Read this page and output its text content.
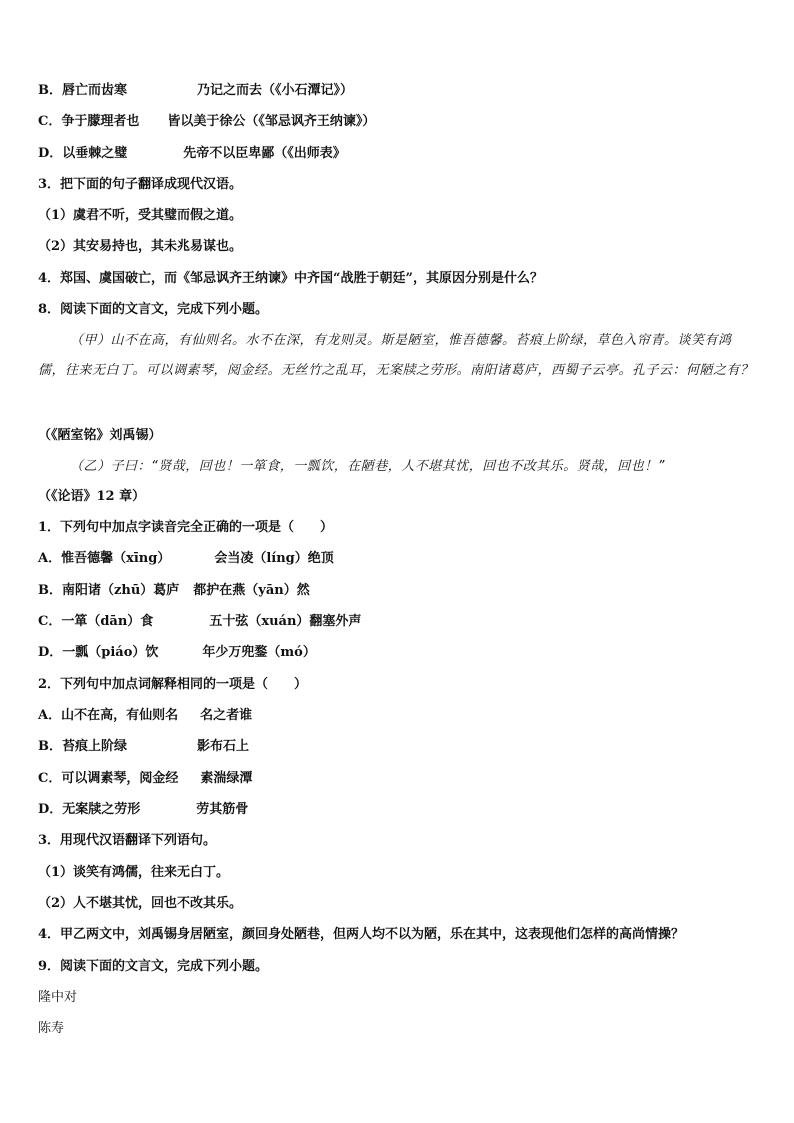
B．唇亡而齿寒	乃记之而去（《小石潭记》）
C．争于朦理者也 皆以美于徐公（《邹忌讽齐王纳谏》）
D．以垂棘之璧	先帝不以臣卑鄙（《出师表》
3．把下面的句子翻译成现代汉语。
（1）虞君不听，受其璧而假之道。
（2）其安易持也，其未兆易谋也。
4．郑国、虞国破亡，而《邹忌讽齐王纳谏》中齐国“战胜于朝廷”，其原因分别是什么？
8．阅读下面的文言文，完成下列小题。
（甲）山不在高，有仙则名。水不在深，有龙则灵。斯是陋室，惟吾德馨。苔痕上阶绿，草色入帘青。谈笑有鸿儒，往来无白丁。可以调素琴，阅金经。无丝竹之乱耳，无案牍之劳形。南阳诸葛庐，西蜀子云亭。孔子云：何陋之有？
（《陋室铭》刘禹锡）
（乙）子曰：“贤哉，回也！一箪食，一瓢饮，在陋巷，人不堪其忧，回也不改其乐。贤哉，回也！”
（《论语》12 章）
1．下列句中加点字读音完全正确的一项是（　　）
A．惟吾德馨（xīng）	会当凌（líng）绝顶
B．南阳诸（zhū）葛庐 都护在燕（yān）然
C．一箪（dān）食	五十弦（xuán）翻塞外声
D．一瓢（piáo）饮	年少万兜鍪（mó）
2．下列句中加点词解释相同的一项是（　　）
A．山不在高，有仙则名 名之者谁
B．苔痕上阶绿	影布石上
C．可以调素琴，阅金经 素湍绿潭
D．无案牍之劳形	劳其筋骨
3．用现代汉语翻译下列语句。
（1）谈笑有鸿儒，往来无白丁。
（2）人不堪其忧，回也不改其乐。
4．甲乙两文中，刘禹锡身居陋室，颜回身处陋巷，但两人均不以为陋，乐在其中，这表现他们怎样的高尚情操？
9．阅读下面的文言文，完成下列小题。
隆中对
陈寿
